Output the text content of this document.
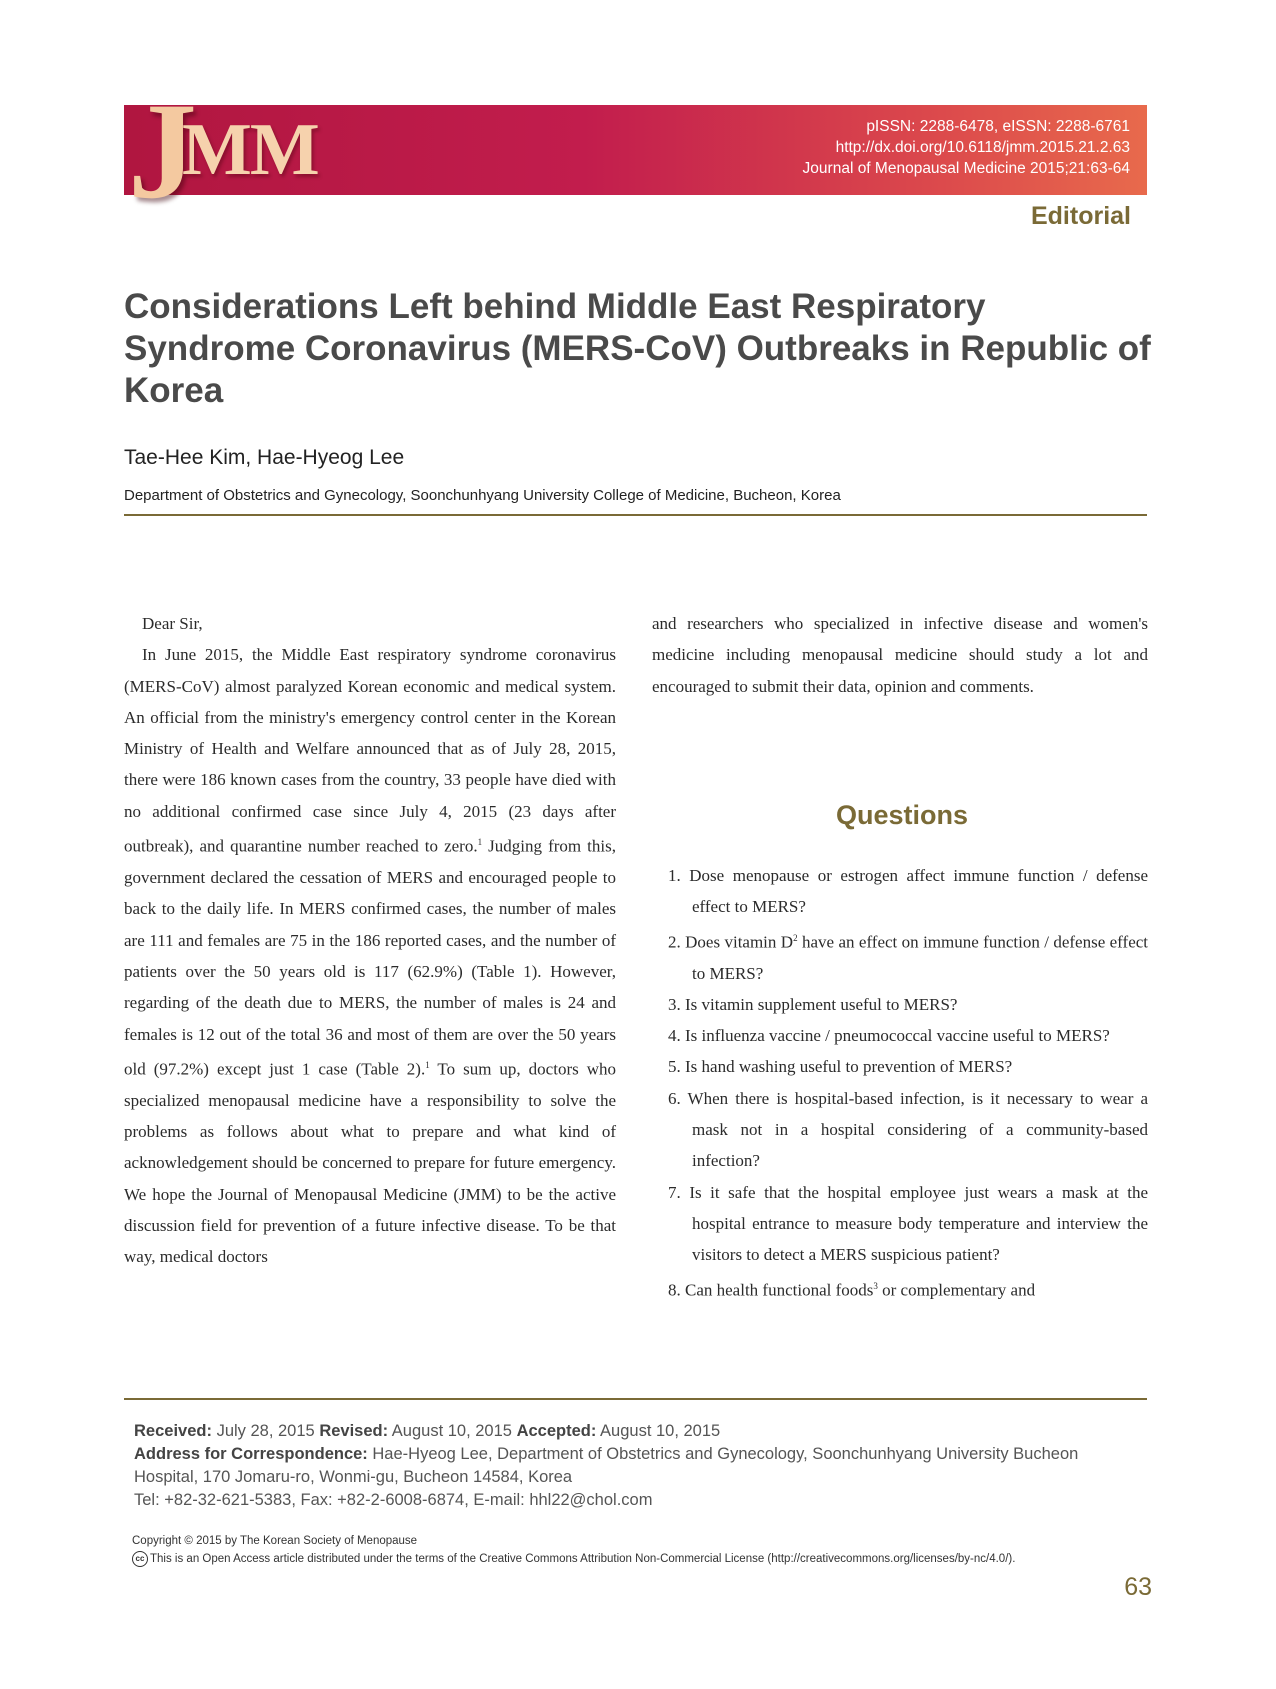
J
MM	pISSN: 2288-6478, eISSN: 2288-6761
http://dx.doi.org/10.6118/jmm.2015.21.2.63
Journal of Menopausal Medicine 2015;21:63-64
Editorial
Considerations Left behind Middle East Respiratory Syndrome Coronavirus (MERS-CoV) Outbreaks in Republic of Korea
Tae-Hee Kim, Hae-Hyeog Lee
Department of Obstetrics and Gynecology, Soonchunhyang University College of Medicine, Bucheon, Korea

Dear Sir,

In June 2015, the Middle East respiratory syndrome coronavirus (MERS-CoV) almost paralyzed Korean economic and medical system. An official from the ministry's emergency control center in the Korean Ministry of Health and Welfare announced that as of July 28, 2015, there were 186 known cases from the country, 33 people have died with no additional confirmed case since July 4, 2015 (23 days after outbreak), and quarantine number reached to zero.$^1$ Judging from this, government declared the cessation of MERS and encouraged people to back to the daily life. In MERS confirmed cases, the number of males are 111 and females are 75 in the 186 reported cases, and the number of patients over the 50 years old is 117 (62.9%) (Table 1). However, regarding of the death due to MERS, the number of males is 24 and females is 12 out of the total 36 and most of them are over the 50 years old (97.2%) except just 1 case (Table 2).$^1$ To sum up, doctors who specialized menopausal medicine have a responsibility to solve the problems as follows about what to prepare and what kind of acknowledgement should be concerned to prepare for future emergency. We hope the Journal of Menopausal Medicine (JMM) to be the active discussion field for prevention of a future infective disease. To be that way, medical doctors

and researchers who specialized in infective disease and women's medicine including menopausal medicine should study a lot and encouraged to submit their data, opinion and comments.

Questions
1. Dose menopause or estrogen affect immune function / defense effect to MERS?
2. Does vitamin $D^2$ have an effect on immune function / defense effect to MERS?
3. Is vitamin supplement useful to MERS?
4. Is influenza vaccine / pneumococcal vaccine useful to MERS?
5. Is hand washing useful to prevention of MERS?
6. When there is hospital-based infection, is it necessary to wear a mask not in a hospital considering of a community-based infection?
7. Is it safe that the hospital employee just wears a mask at the hospital entrance to measure body temperature and interview the visitors to detect a MERS suspicious patient?
8. Can health functional foods$^3$ or complementary and
Received: July 28, 2015 Revised: August 10, 2015 Accepted: August 10, 2015
Address for Correspondence: Hae-Hyeog Lee, Department of Obstetrics and Gynecology, Soonchunhyang University Bucheon Hospital, 170 Jomaru-ro, Wonmi-gu, Bucheon 14584, Korea
Tel: +82-32-621-5383, Fax: +82-2-6008-6874, E-mail: hhl22@chol.com
Copyright © 2015 by The Korean Society of Menopause
cc This is an Open Access article distributed under the terms of the Creative Commons Attribution Non-Commercial License (http://creativecommons.org/licenses/by-nc/4.0/).
63
